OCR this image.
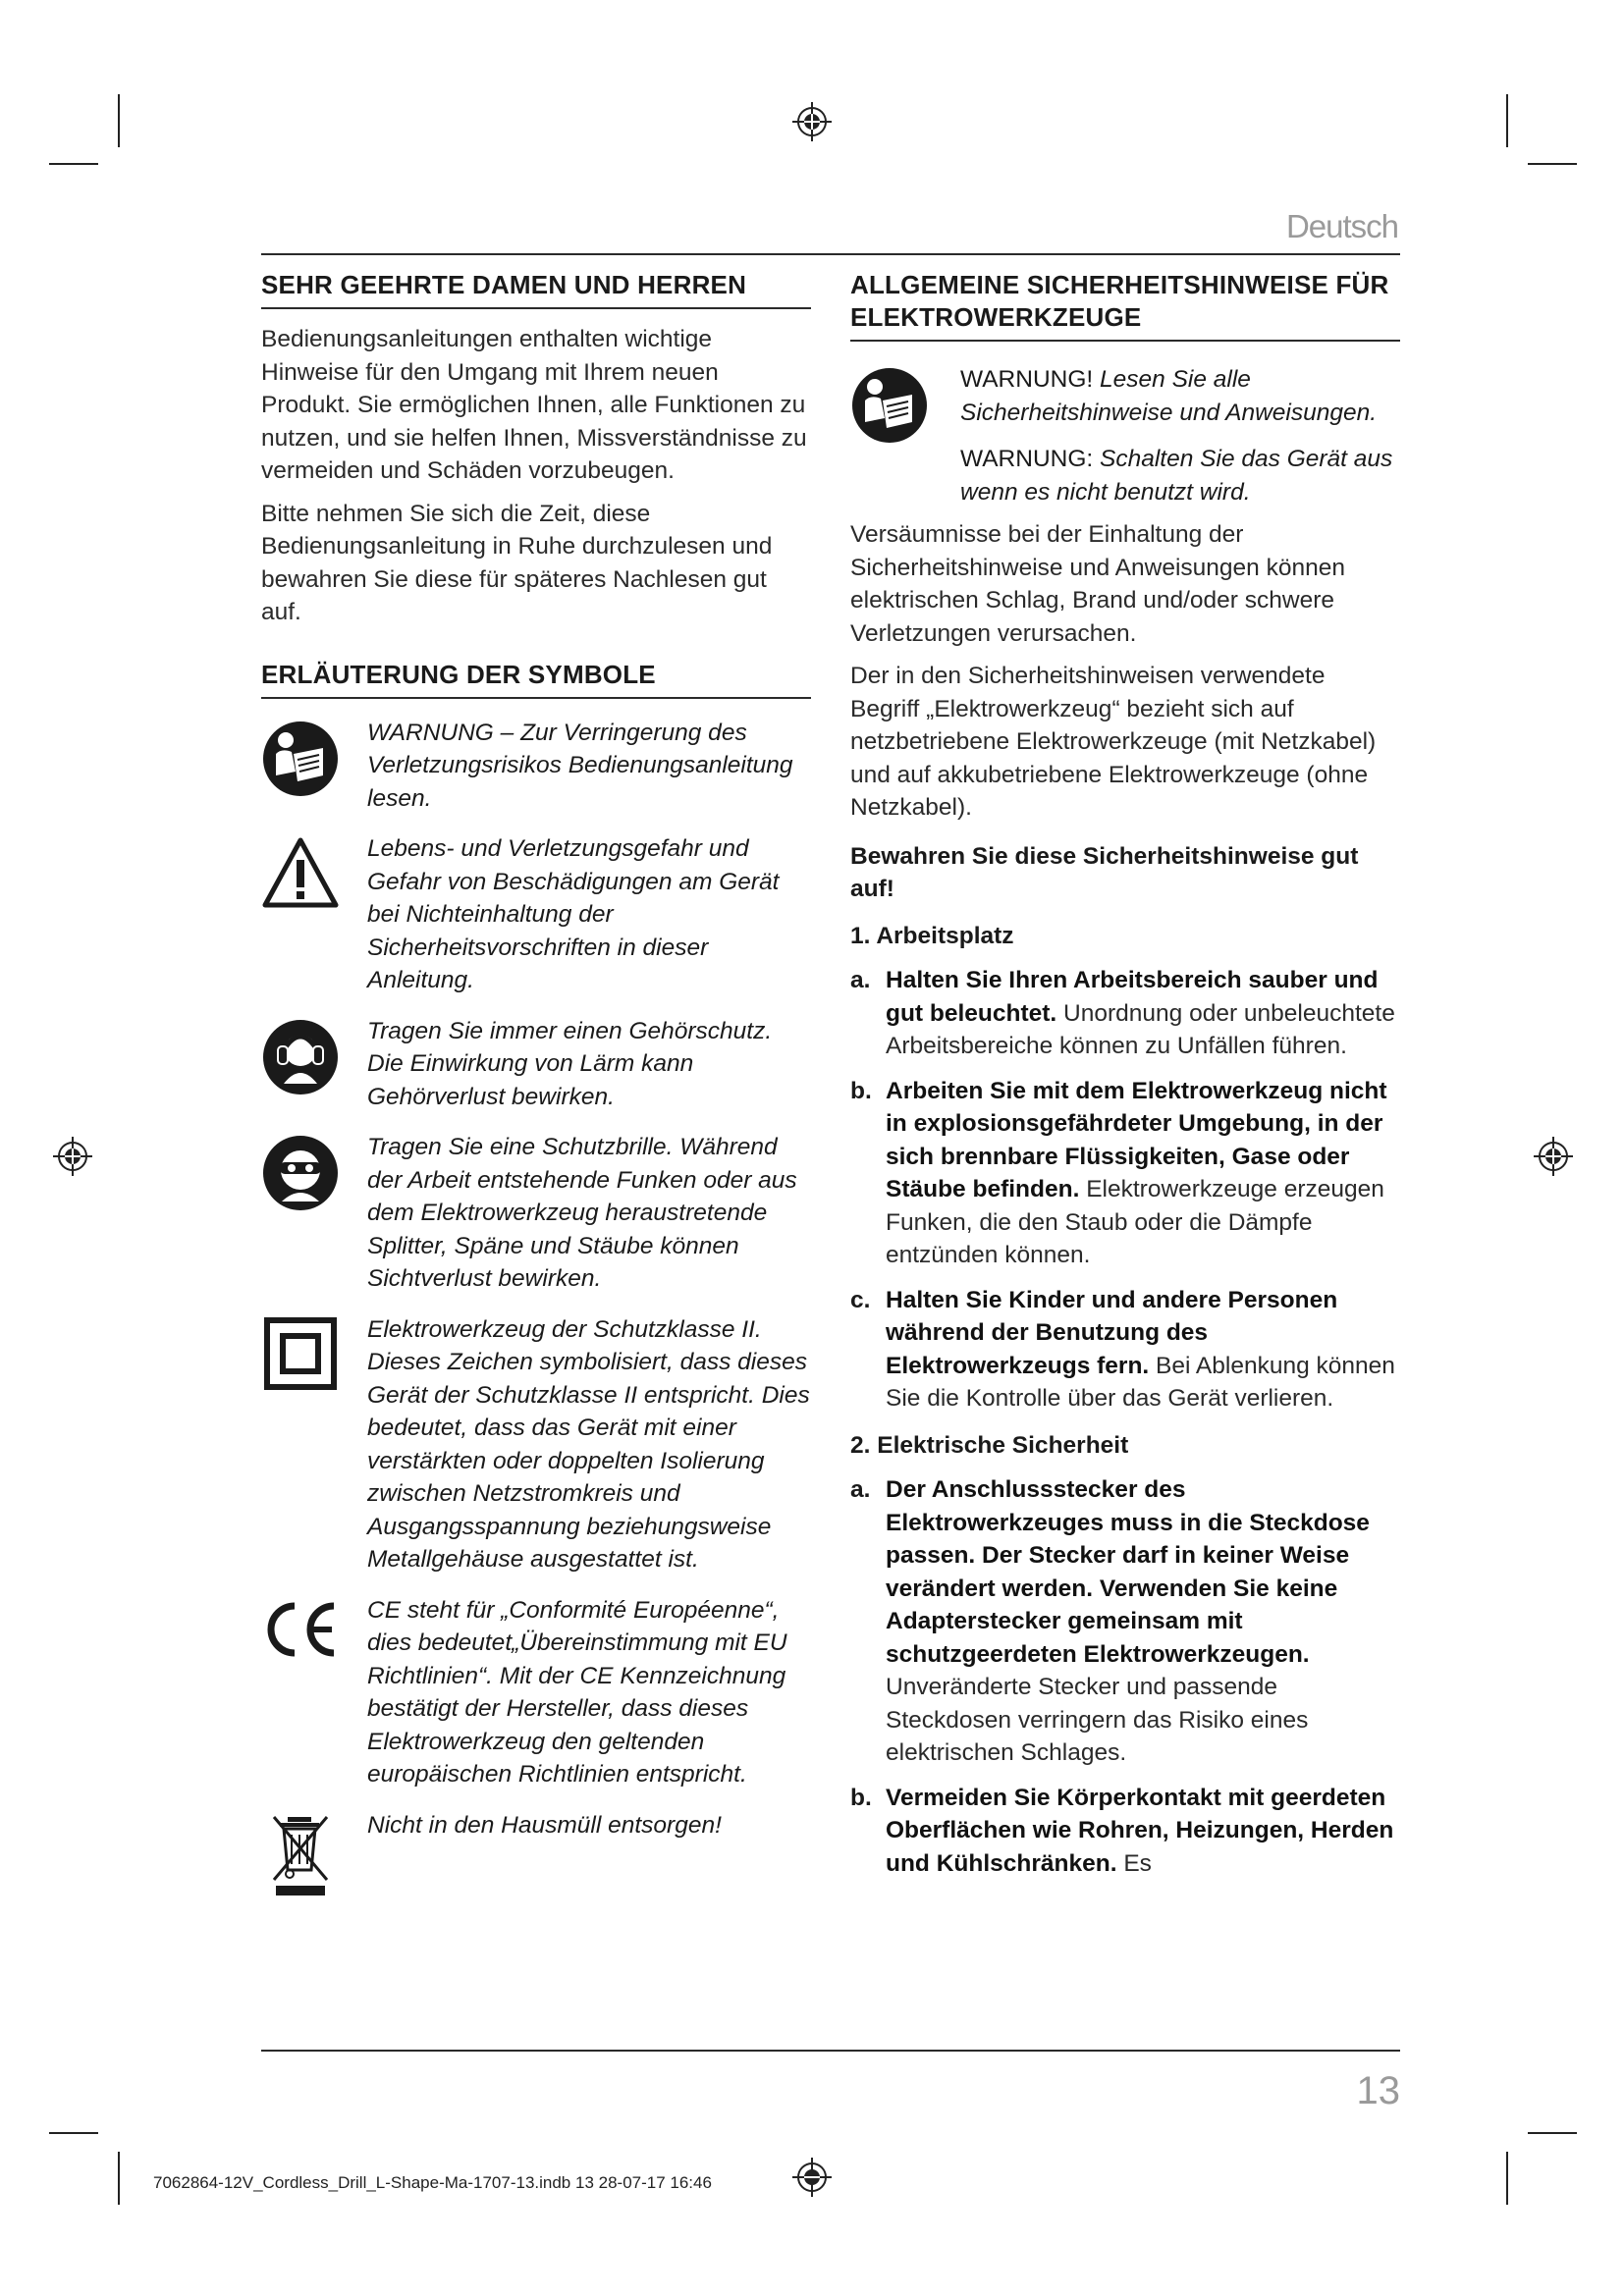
Deutsch
SEHR GEEHRTE DAMEN UND HERREN

Bedienungsanleitungen enthalten wichtige Hinweise für den Umgang mit Ihrem neuen Produkt. Sie ermöglichen Ihnen, alle Funktionen zu nutzen, und sie helfen Ihnen, Missverständnisse zu vermeiden und Schäden vorzubeugen.

Bitte nehmen Sie sich die Zeit, diese Bedienungsanleitung in Ruhe durchzulesen und bewahren Sie diese für späteres Nachlesen gut auf.

ERLÄUTERUNG DER SYMBOLE
WARNUNG – Zur Verringerung des Verletzungsrisikos Bedienungsanleitung lesen.
Lebens- und Verletzungsgefahr und Gefahr von Beschädigungen am Gerät bei Nichteinhaltung der Sicherheitsvorschriften in dieser Anleitung.
Tragen Sie immer einen Gehörschutz. Die Einwirkung von Lärm kann Gehörverlust bewirken.
Tragen Sie eine Schutzbrille. Während der Arbeit entstehende Funken oder aus dem Elektrowerkzeug heraustretende Splitter, Späne und Stäube können Sichtverlust bewirken.
Elektrowerkzeug der Schutzklasse II. Dieses Zeichen symbolisiert, dass dieses Gerät der Schutzklasse II entspricht. Dies bedeutet, dass das Gerät mit einer verstärkten oder doppelten Isolierung zwischen Netzstromkreis und Ausgangsspannung beziehungsweise Metallgehäuse ausgestattet ist.
CE steht für „Conformité Européenne“, dies bedeutet„Übereinstimmung mit EU Richtlinien“. Mit der CE Kennzeichnung bestätigt der Hersteller, dass dieses Elektrowerkzeug den geltenden europäischen Richtlinien entspricht.
Nicht in den Hausmüll entsorgen!
ALLGEMEINE SICHERHEITSHINWEISE FÜR ELEKTROWERKZEUGE
WARNUNG! Lesen Sie alle Sicherheitshinweise und Anweisungen.
WARNUNG: Schalten Sie das Gerät aus wenn es nicht benutzt wird.

Versäumnisse bei der Einhaltung der Sicherheitshinweise und Anweisungen können elektrischen Schlag, Brand und/oder schwere Verletzungen verursachen.

Der in den Sicherheitshinweisen verwendete Begriff „Elektrowerkzeug“ bezieht sich auf netzbetriebene Elektrowerkzeuge (mit Netzkabel) und auf akkubetriebene Elektrowerkzeuge (ohne Netzkabel).

Bewahren Sie diese Sicherheitshinweise gut auf!

1. Arbeitsplatz
a. Halten Sie Ihren Arbeitsbereich sauber und gut beleuchtet. Unordnung oder unbeleuchtete Arbeitsbereiche können zu Unfällen führen.
b. Arbeiten Sie mit dem Elektrowerkzeug nicht in explosionsgefährdeter Umgebung, in der sich brennbare Flüssigkeiten, Gase oder Stäube befinden. Elektrowerkzeuge erzeugen Funken, die den Staub oder die Dämpfe entzünden können.
c. Halten Sie Kinder und andere Personen während der Benutzung des Elektrowerkzeugs fern. Bei Ablenkung können Sie die Kontrolle über das Gerät verlieren.
2. Elektrische Sicherheit
a. Der Anschlussstecker des Elektrowerkzeuges muss in die Steckdose passen. Der Stecker darf in keiner Weise verändert werden. Verwenden Sie keine Adapterstecker gemeinsam mit schutzgeerdeten Elektrowerkzeugen. Unveränderte Stecker und passende Steckdosen verringern das Risiko eines elektrischen Schlages.
b. Vermeiden Sie Körperkontakt mit geerdeten Oberflächen wie Rohren, Heizungen, Herden und Kühlschränken. Es
13
7062864-12V_Cordless_Drill_L-Shape-Ma-1707-13.indb 13 28-07-17 16:46
